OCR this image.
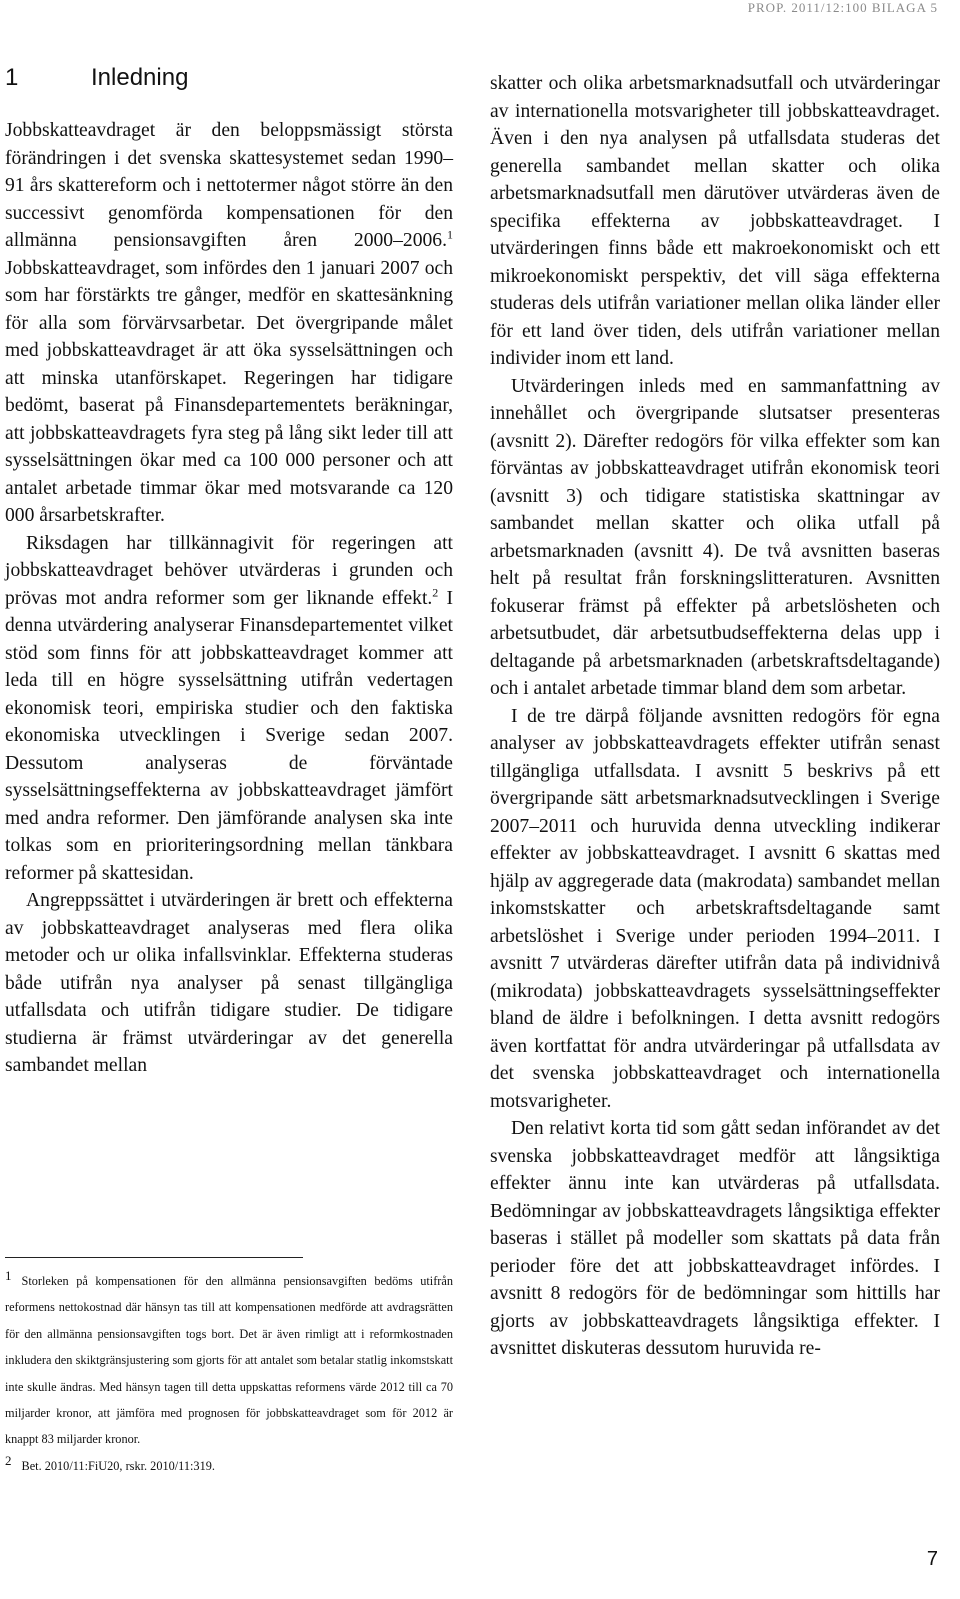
PROP. 2011/12:100 BILAGA 5
1	Inledning

Jobbskatteavdraget är den beloppsmässigt största förändringen i det svenska skattesystemet sedan 1990–91 års skattereform och i nettotermer något större än den successivt genomförda kompensationen för den allmänna pensionsavgiften åren 2000–2006.$^1$ Jobbskatteavdraget, som infördes den 1 januari 2007 och som har förstärkts tre gånger, medför en skattesänkning för alla som förvärvsarbetar. Det övergripande målet med jobbskatteavdraget är att öka sysselsättningen och att minska utanförskapet. Regeringen har tidigare bedömt, baserat på Finansdepartementets beräkningar, att jobbskatteavdragets fyra steg på lång sikt leder till att sysselsättningen ökar med ca 100 000 personer och att antalet arbetade timmar ökar med motsvarande ca 120 000 årsarbetskrafter.

Riksdagen har tillkännagivit för regeringen att jobbskatteavdraget behöver utvärderas i grunden och prövas mot andra reformer som ger liknande effekt.$^2$ I denna utvärdering analyserar Finansdepartementet vilket stöd som finns för att jobbskatteavdraget kommer att leda till en högre sysselsättning utifrån vedertagen ekonomisk teori, empiriska studier och den faktiska ekonomiska utvecklingen i Sverige sedan 2007. Dessutom analyseras de förväntade sysselsättningseffekterna av jobbskatteavdraget jämfört med andra reformer. Den jämförande analysen ska inte tolkas som en prioriteringsordning mellan tänkbara reformer på skattesidan.

Angreppssättet i utvärderingen är brett och effekterna av jobbskatteavdraget analyseras med flera olika metoder och ur olika infallsvinklar. Effekterna studeras både utifrån nya analyser på senast tillgängliga utfallsdata och utifrån tidigare studier. De tidigare studierna är främst utvärderingar av det generella sambandet mellan

skatter och olika arbetsmarknadsutfall och utvärderingar av internationella motsvarigheter till jobbskatteavdraget. Även i den nya analysen på utfallsdata studeras det generella sambandet mellan skatter och olika arbetsmarknadsutfall men därutöver utvärderas även de specifika effekterna av jobbskatteavdraget. I utvärderingen finns både ett makroekonomiskt och ett mikroekonomiskt perspektiv, det vill säga effekterna studeras dels utifrån variationer mellan olika länder eller för ett land över tiden, dels utifrån variationer mellan individer inom ett land.

Utvärderingen inleds med en sammanfattning av innehållet och övergripande slutsatser presenteras (avsnitt 2). Därefter redogörs för vilka effekter som kan förväntas av jobbskatteavdraget utifrån ekonomisk teori (avsnitt 3) och tidigare statistiska skattningar av sambandet mellan skatter och olika utfall på arbetsmarknaden (avsnitt 4). De två avsnitten baseras helt på resultat från forskningslitteraturen. Avsnitten fokuserar främst på effekter på arbetslösheten och arbetsutbudet, där arbetsutbudseffekterna delas upp i deltagande på arbetsmarknaden (arbetskraftsdeltagande) och i antalet arbetade timmar bland dem som arbetar.

I de tre därpå följande avsnitten redogörs för egna analyser av jobbskatteavdragets effekter utifrån senast tillgängliga utfallsdata. I avsnitt 5 beskrivs på ett övergripande sätt arbetsmarknadsutvecklingen i Sverige 2007–2011 och huruvida denna utveckling indikerar effekter av jobbskatteavdraget. I avsnitt 6 skattas med hjälp av aggregerade data (makrodata) sambandet mellan inkomstskatter och arbetskraftsdeltagande samt arbetslöshet i Sverige under perioden 1994–2011. I avsnitt 7 utvärderas därefter utifrån data på individnivå (mikrodata) jobbskatteavdragets sysselsättningseffekter bland de äldre i befolkningen. I detta avsnitt redogörs även kortfattat för andra utvärderingar på utfallsdata av det svenska jobbskatteavdraget och internationella motsvarigheter.

Den relativt korta tid som gått sedan införandet av det svenska jobbskatteavdraget medför att långsiktiga effekter ännu inte kan utvärderas på utfallsdata. Bedömningar av jobbskatteavdragets långsiktiga effekter baseras i stället på modeller som skattats på data från perioder före det att jobbskatteavdraget infördes. I avsnitt 8 redogörs för de bedömningar som hittills har gjorts av jobbskatteavdragets långsiktiga effekter. I avsnittet diskuteras dessutom huruvida re-

1 Storleken på kompensationen för den allmänna pensionsavgiften bedöms utifrån reformens nettokostnad där hänsyn tas till att kompensationen medförde att avdragsrätten för den allmänna pensionsavgiften togs bort. Det är även rimligt att i reformkostnaden inkludera den skiktgränsjustering som gjorts för att antalet som betalar statlig inkomstskatt inte skulle ändras. Med hänsyn tagen till detta uppskattas reformens värde 2012 till ca 70 miljarder kronor, att jämföra med prognosen för jobbskatteavdraget som för 2012 är knappt 83 miljarder kronor.

2 Bet. 2010/11:FiU20, rskr. 2010/11:319.

7
